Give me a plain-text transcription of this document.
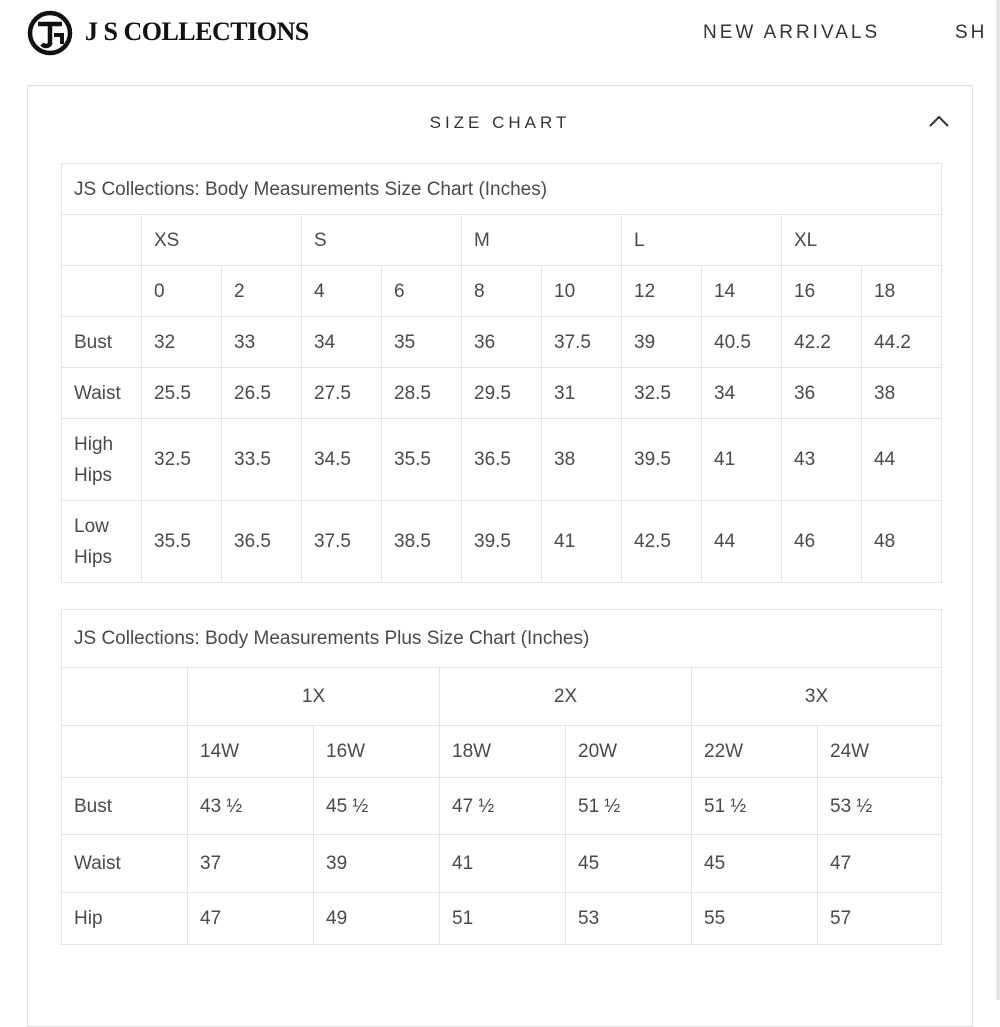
J S COLLECTIONS	NEW ARRIVALS	SH
SIZE CHART
JS Collections: Body Measurements Size Chart (Inches)										
	XS		S		M		L		XL	
	0	2	4	6	8	10	12	14	16	18
Bust	32	33	34	35	36	37.5	39	40.5	42.2	44.2
Waist	25.5	26.5	27.5	28.5	29.5	31	32.5	34	36	38
High Hips	32.5	33.5	34.5	35.5	36.5	38	39.5	41	43	44
Low Hips	35.5	36.5	37.5	38.5	39.5	41	42.5	44	46	48
JS Collections: Body Measurements Plus Size Chart (Inches)						
	1X		2X		3X	
	14W	16W	18W	20W	22W	24W
Bust	43 ½	45 ½	47 ½	51 ½	51 ½	53 ½
Waist	37	39	41	45	45	47
Hip	47	49	51	53	55	57
